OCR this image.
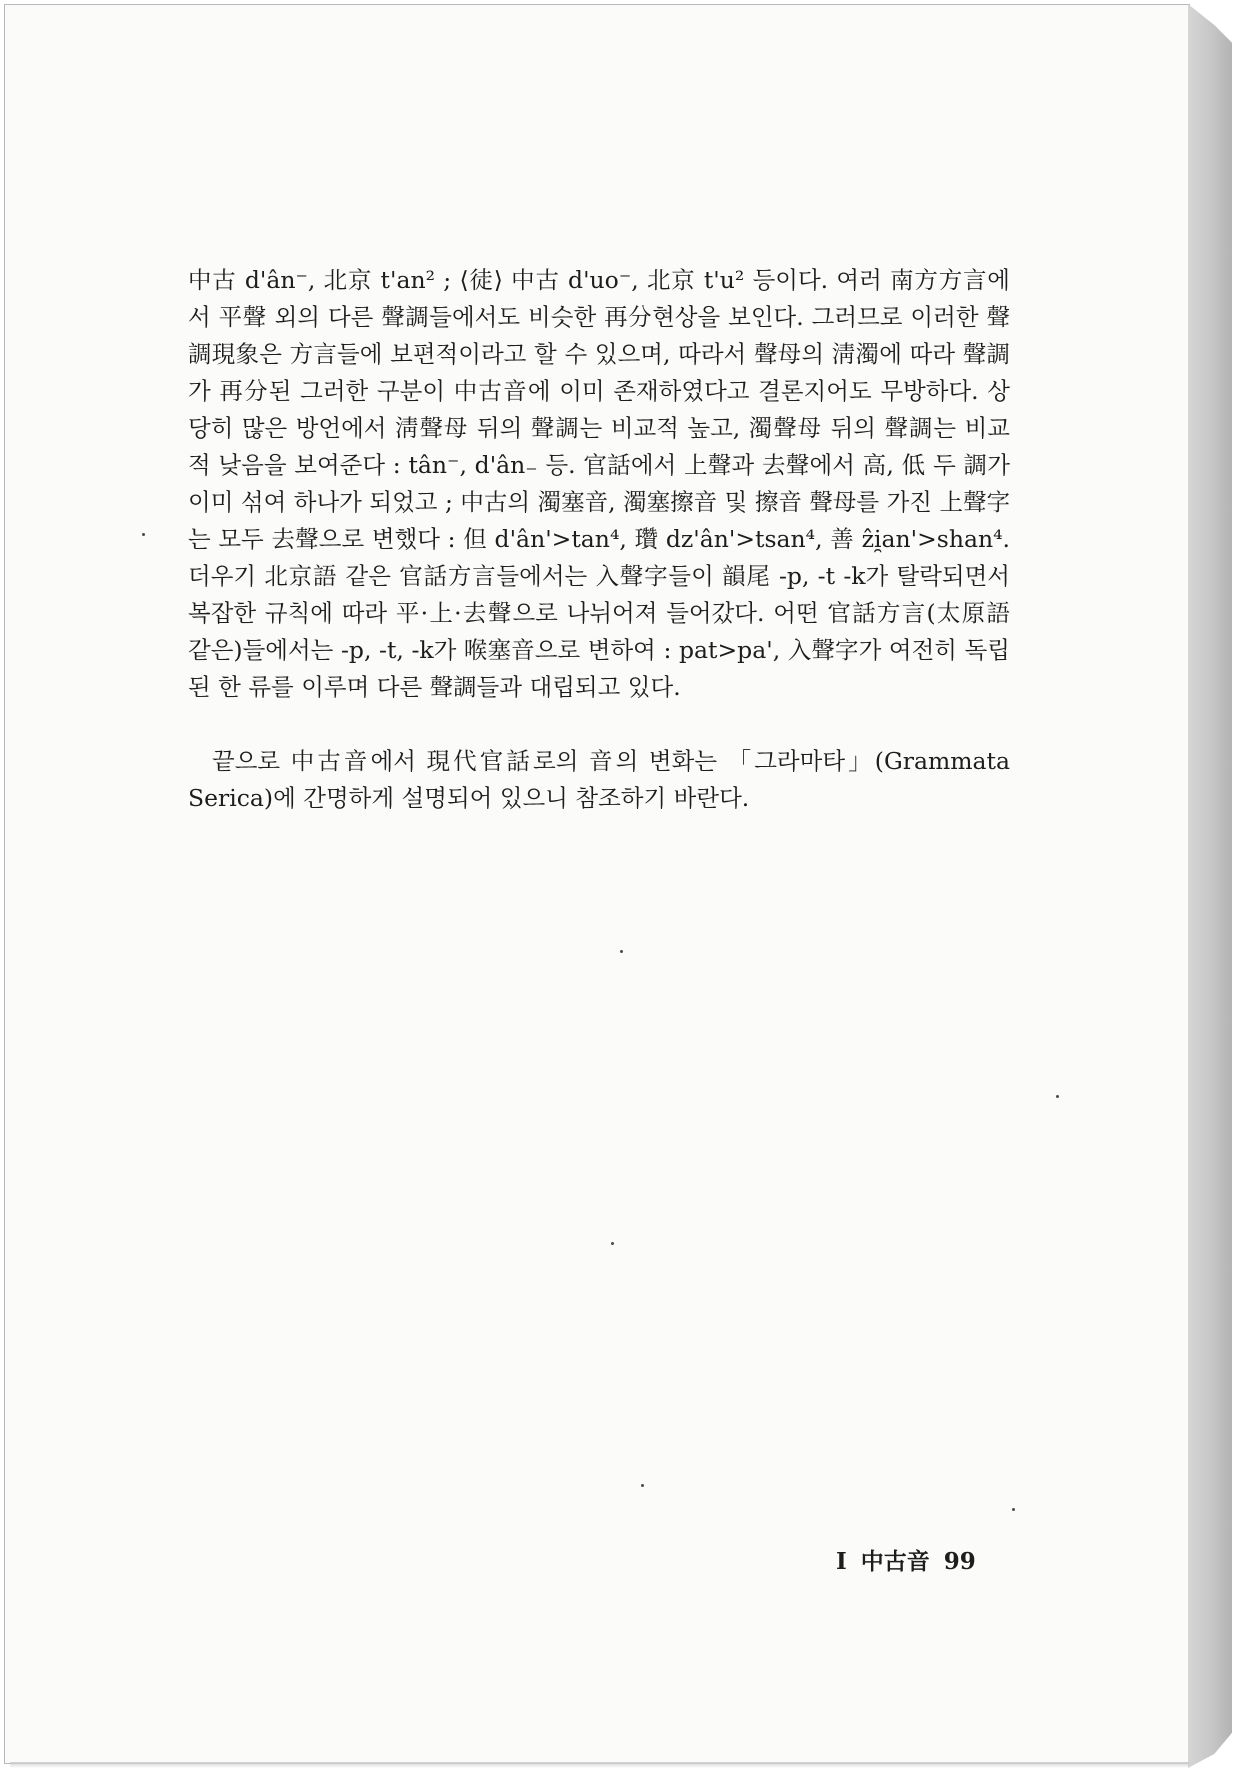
中古 d'ân⁻, 北京 t'an² ; ⟨徒⟩ 中古 d'uo⁻, 北京 t'u² 등이다. 여러 南方方言에서 平聲 외의 다른 聲調들에서도 비슷한 再分현상을 보인다. 그러므로 이러한 聲調現象은 方言들에 보편적이라고 할 수 있으며, 따라서 聲母의 淸濁에 따라 聲調가 再分된 그러한 구분이 中古音에 이미 존재하였다고 결론지어도 무방하다. 상당히 많은 방언에서 淸聲母 뒤의 聲調는 비교적 높고, 濁聲母 뒤의 聲調는 비교적 낮음을 보여준다 : tân⁻, d'ân₋ 등. 官話에서 上聲과 去聲에서 高, 低 두 調가 이미 섞여 하나가 되었고 ; 中古의 濁塞音, 濁塞擦音 및 擦音 聲母를 가진 上聲字는 모두 去聲으로 변했다 : 但 d'ân'>tan⁴, 瓚 dz'ân'>tsan⁴, 善 ẑi̯an'>shan⁴. 더우기 北京語 같은 官話方言들에서는 入聲字들이 韻尾 -p, -t -k가 탈락되면서 복잡한 규칙에 따라 平·上·去聲으로 나뉘어져 들어갔다. 어떤 官話方言(太原語 같은)들에서는 -p, -t, -k가 喉塞音으로 변하여 : pat>pa', 入聲字가 여전히 독립된 한 류를 이루며 다른 聲調들과 대립되고 있다.

끝으로 中古音에서 現代官話로의 音의 변화는 「그라마타」(Grammata Serica)에 간명하게 설명되어 있으니 참조하기 바란다.

I 中古音 99
